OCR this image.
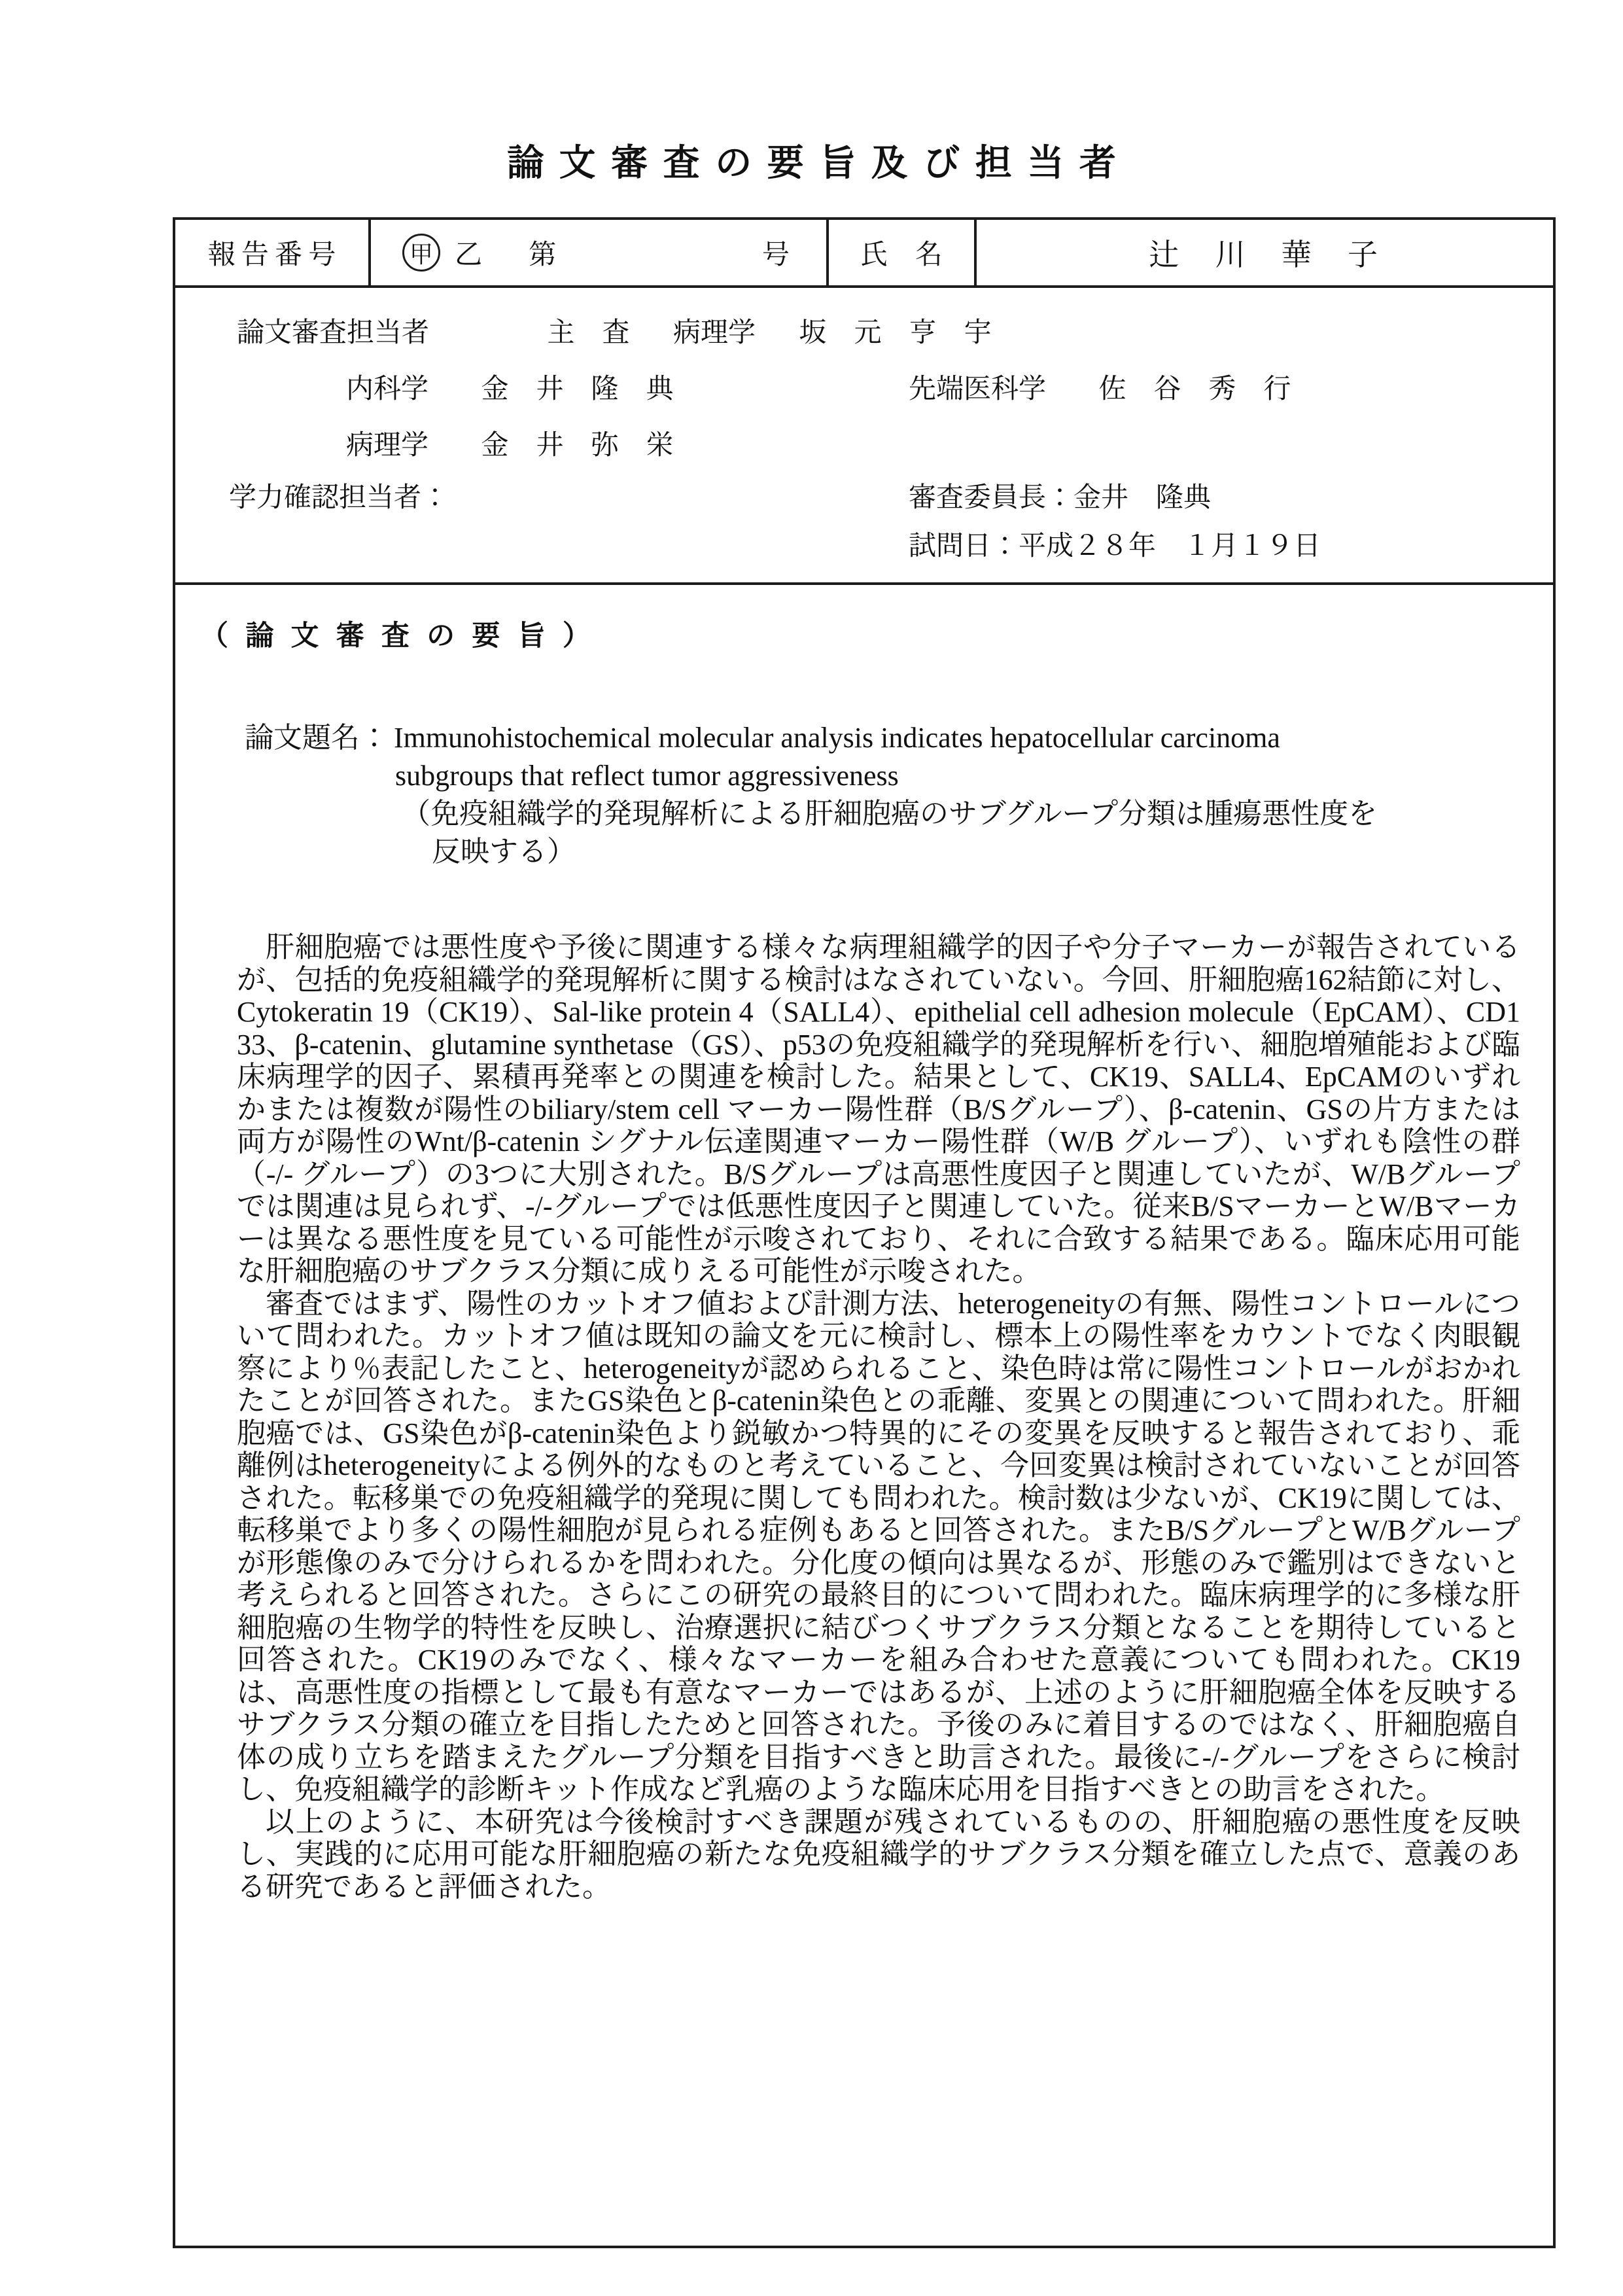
論文審査の要旨及び担当者
報告番号	甲 乙　第	号	氏　名	辻　川　華　子
論文審査担当者	主　査 病理学 坂　元　亨　宇
内科学 金　井　隆　典	先端医科学 佐　谷　秀　行
病理学 金　井　弥　栄
学力確認担当者：	審査委員長：金井　隆典
試問日：平成２８年　１月１９日
（ 論 文 審 査 の 要 旨 ）
論文題名： Immunohistochemical molecular analysis indicates hepatocellular carcinoma
subgroups that reflect tumor aggressiveness
（免疫組織学的発現解析による肝細胞癌のサブグループ分類は腫瘍悪性度を
反映する）

肝細胞癌では悪性度や予後に関連する様々な病理組織学的因子や分子マーカーが報告されているが、包括的免疫組織学的発現解析に関する検討はなされていない。今回、肝細胞癌162結節に対し、Cytokeratin 19（CK19）、Sal-like protein 4（SALL4）、epithelial cell adhesion molecule（EpCAM）、CD133、β-catenin、glutamine synthetase（GS）、p53の免疫組織学的発現解析を行い、細胞増殖能および臨床病理学的因子、累積再発率との関連を検討した。結果として、CK19、SALL4、EpCAMのいずれかまたは複数が陽性のbiliary/stem cell マーカー陽性群（B/Sグループ）、β-catenin、GSの片方または両方が陽性のWnt/β-catenin シグナル伝達関連マーカー陽性群（W/B グループ）、いずれも陰性の群（-/- グループ）の3つに大別された。B/Sグループは高悪性度因子と関連していたが、W/Bグループでは関連は見られず、-/-グループでは低悪性度因子と関連していた。従来B/SマーカーとW/Bマーカーは異なる悪性度を見ている可能性が示唆されており、それに合致する結果である。臨床応用可能な肝細胞癌のサブクラス分類に成りえる可能性が示唆された。

審査ではまず、陽性のカットオフ値および計測方法、heterogeneityの有無、陽性コントロールについて問われた。カットオフ値は既知の論文を元に検討し、標本上の陽性率をカウントでなく肉眼観察により％表記したこと、heterogeneityが認められること、染色時は常に陽性コントロールがおかれたことが回答された。またGS染色とβ-catenin染色との乖離、変異との関連について問われた。肝細胞癌では、GS染色がβ-catenin染色より鋭敏かつ特異的にその変異を反映すると報告されており、乖離例はheterogeneityによる例外的なものと考えていること、今回変異は検討されていないことが回答された。転移巣での免疫組織学的発現に関しても問われた。検討数は少ないが、CK19に関しては、転移巣でより多くの陽性細胞が見られる症例もあると回答された。またB/SグループとW/Bグループが形態像のみで分けられるかを問われた。分化度の傾向は異なるが、形態のみで鑑別はできないと考えられると回答された。さらにこの研究の最終目的について問われた。臨床病理学的に多様な肝細胞癌の生物学的特性を反映し、治療選択に結びつくサブクラス分類となることを期待していると回答された。CK19のみでなく、様々なマーカーを組み合わせた意義についても問われた。CK19は、高悪性度の指標として最も有意なマーカーではあるが、上述のように肝細胞癌全体を反映するサブクラス分類の確立を目指したためと回答された。予後のみに着目するのではなく、肝細胞癌自体の成り立ちを踏まえたグループ分類を目指すべきと助言された。最後に-/-グループをさらに検討し、免疫組織学的診断キット作成など乳癌のような臨床応用を目指すべきとの助言をされた。

以上のように、本研究は今後検討すべき課題が残されているものの、肝細胞癌の悪性度を反映し、実践的に応用可能な肝細胞癌の新たな免疫組織学的サブクラス分類を確立した点で、意義のある研究であると評価された。
